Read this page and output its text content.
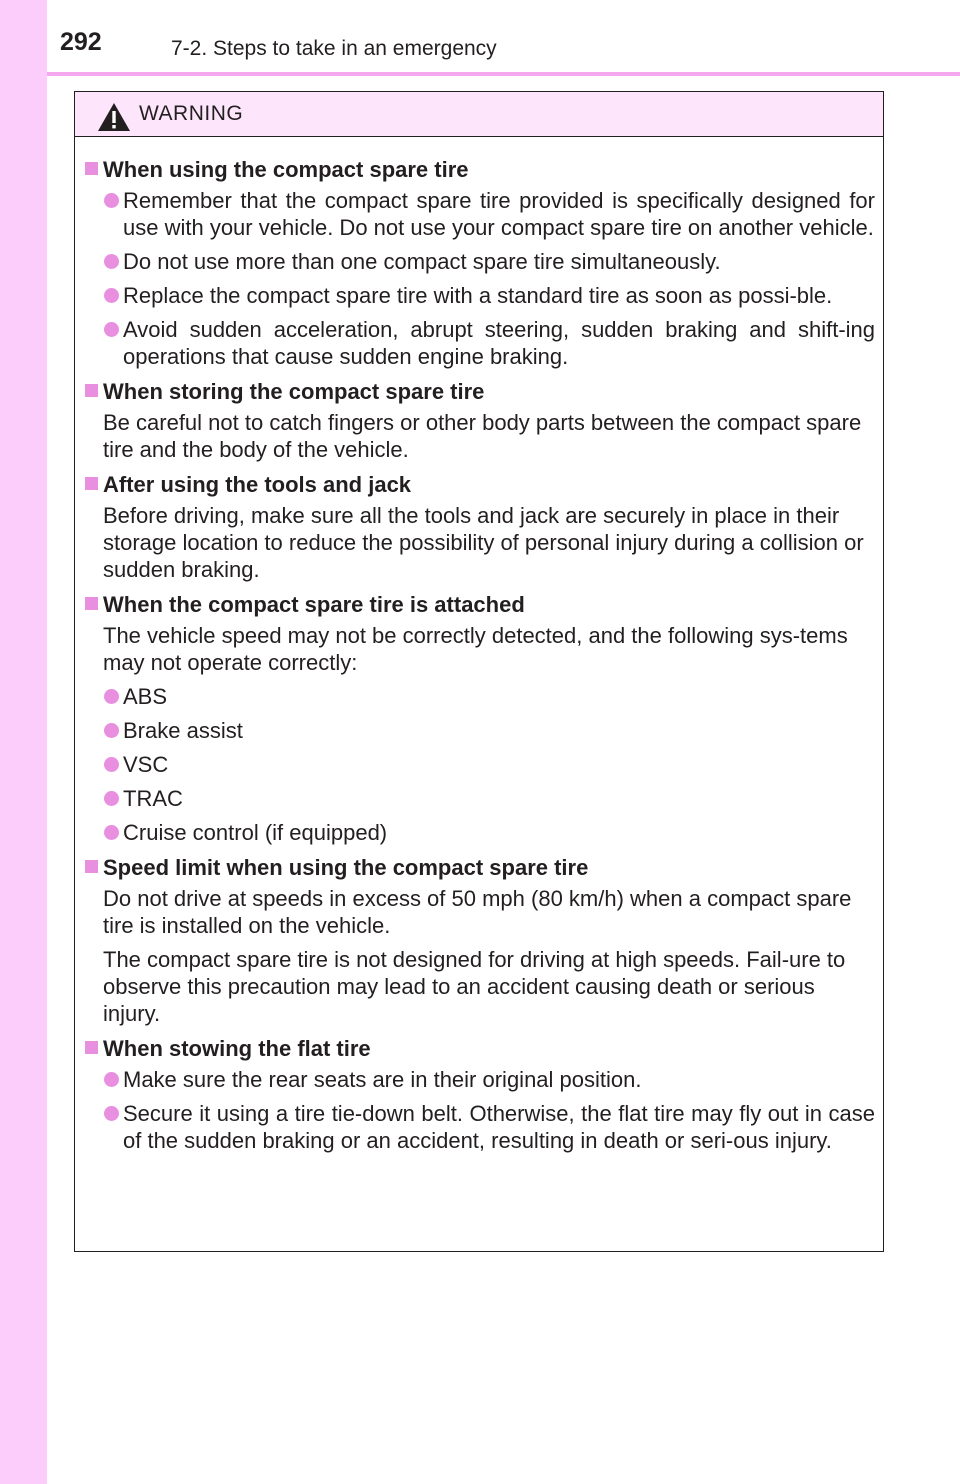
292	7-2. Steps to take in an emergency
WARNING
When using the compact spare tire
Remember that the compact spare tire provided is specifically designed for use with your vehicle. Do not use your compact spare tire on another vehicle.
Do not use more than one compact spare tire simultaneously.
Replace the compact spare tire with a standard tire as soon as possi-ble.
Avoid sudden acceleration, abrupt steering, sudden braking and shift-ing operations that cause sudden engine braking.
When storing the compact spare tire
Be careful not to catch fingers or other body parts between the compact spare tire and the body of the vehicle.
After using the tools and jack
Before driving, make sure all the tools and jack are securely in place in their storage location to reduce the possibility of personal injury during a collision or sudden braking.
When the compact spare tire is attached
The vehicle speed may not be correctly detected, and the following sys-tems may not operate correctly:
ABS
Brake assist
VSC
TRAC
Cruise control (if equipped)
Speed limit when using the compact spare tire
Do not drive at speeds in excess of 50 mph (80 km/h) when a compact spare tire is installed on the vehicle.
The compact spare tire is not designed for driving at high speeds. Fail-ure to observe this precaution may lead to an accident causing death or serious injury.
When stowing the flat tire
Make sure the rear seats are in their original position.
Secure it using a tire tie-down belt. Otherwise, the flat tire may fly out in case of the sudden braking or an accident, resulting in death or seri-ous injury.
